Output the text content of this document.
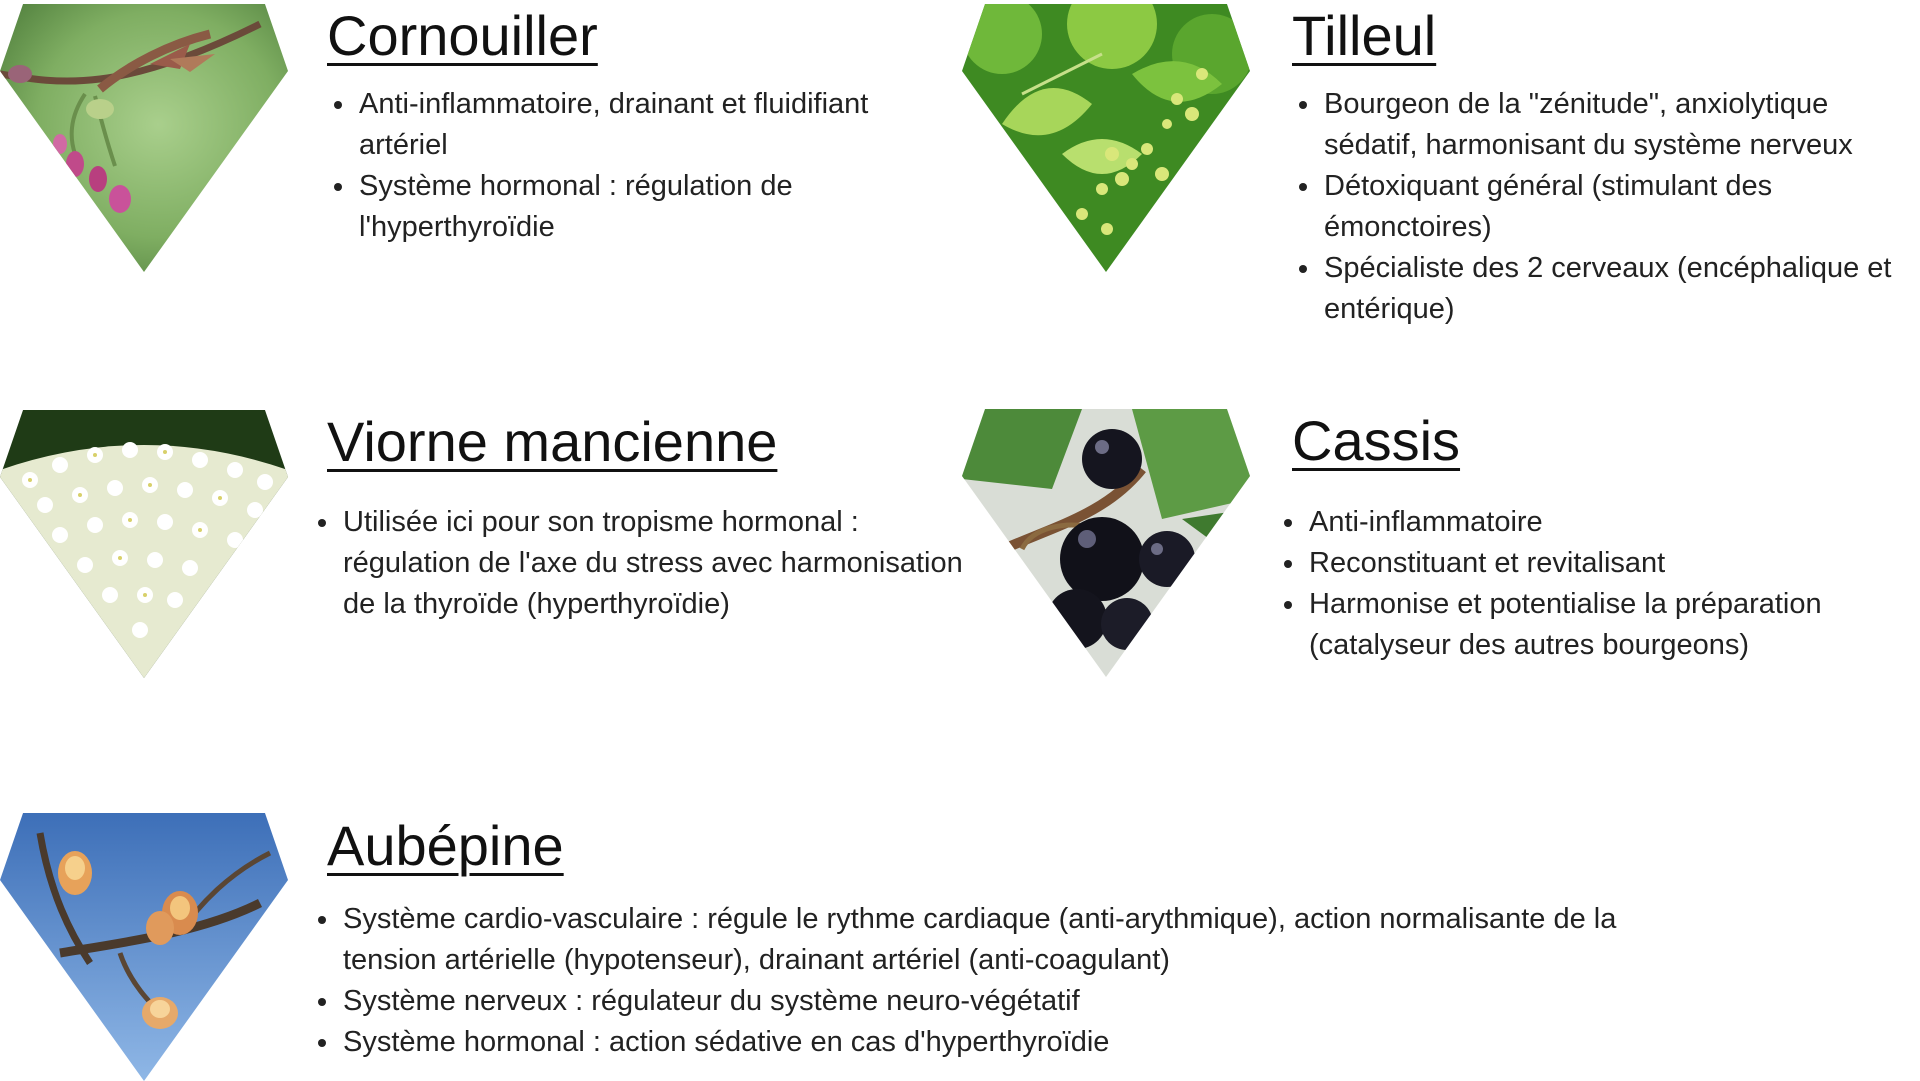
Cornouiller
• Anti-inflammatoire, drainant et fluidifiant artériel
• Système hormonal : régulation de l'hyperthyroïdie
Tilleul
• Bourgeon de la "zénitude", anxiolytique sédatif, harmonisant du système nerveux
• Détoxiquant général (stimulant des émonctoires)
• Spécialiste des 2 cerveaux (encéphalique et entérique)
Viorne mancienne
• Utilisée ici pour son tropisme hormonal : régulation de l'axe du stress avec harmonisation de la thyroïde (hyperthyroïdie)
Cassis
• Anti-inflammatoire
• Reconstituant et revitalisant
• Harmonise et potentialise la préparation (catalyseur des autres bourgeons)
Aubépine
• Système cardio-vasculaire : régule le rythme cardiaque (anti-arythmique), action normalisante de la tension artérielle (hypotenseur), drainant artériel (anti-coagulant)
• Système nerveux : régulateur du système neuro-végétatif
• Système hormonal : action sédative en cas d'hyperthyroïdie
